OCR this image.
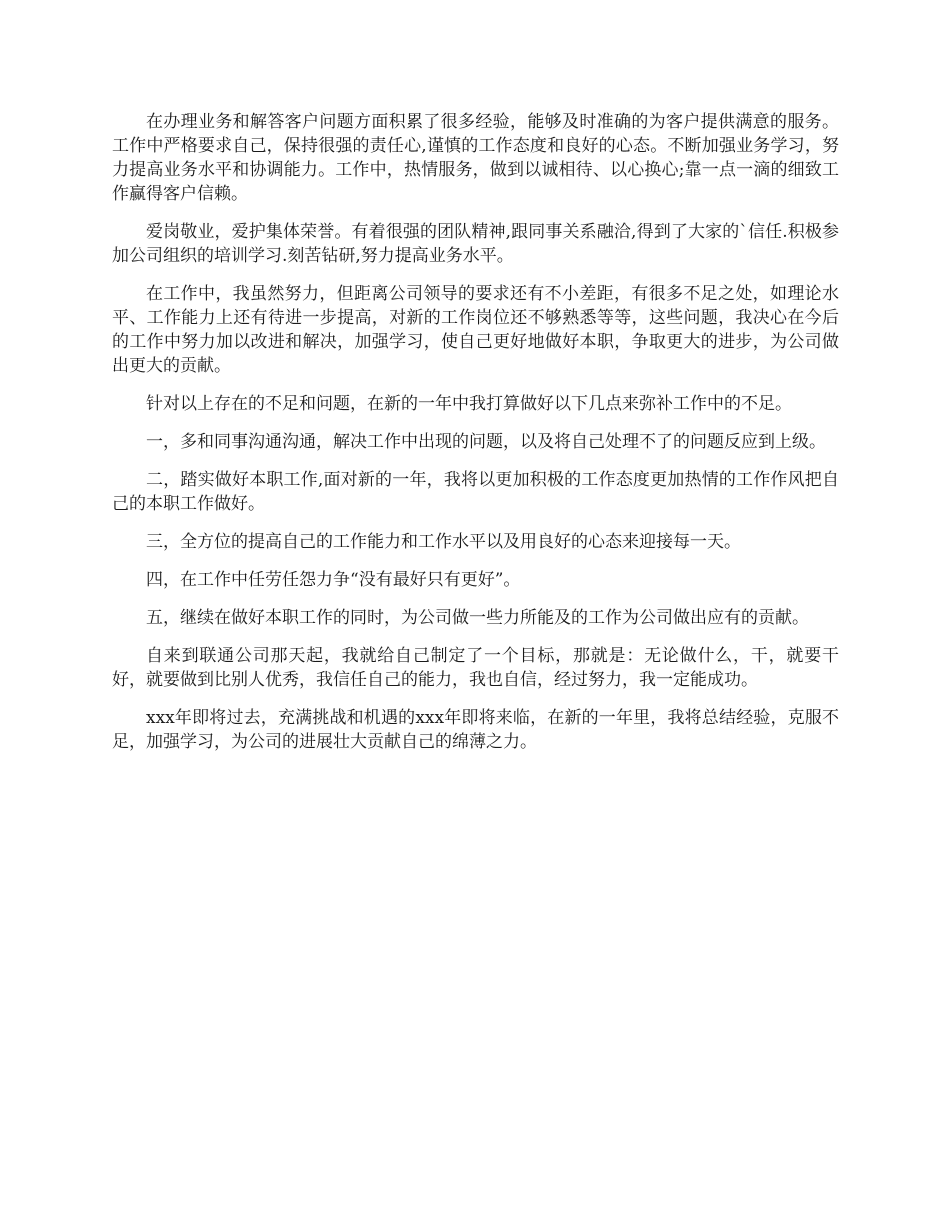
在办理业务和解答客户问题方面积累了很多经验，能够及时准确的为客户提供满意的服务。工作中严格要求自己，保持很强的责任心,谨慎的工作态度和良好的心态。不断加强业务学习，努力提高业务水平和协调能力。工作中，热情服务，做到以诚相待、以心换心;靠一点一滴的细致工作赢得客户信赖。

爱岗敬业，爱护集体荣誉。有着很强的团队精神,跟同事关系融洽,得到了大家的`信任.积极参加公司组织的培训学习.刻苦钻研,努力提高业务水平。

在工作中，我虽然努力，但距离公司领导的要求还有不小差距，有很多不足之处，如理论水平、工作能力上还有待进一步提高，对新的工作岗位还不够熟悉等等，这些问题，我决心在今后的工作中努力加以改进和解决，加强学习，使自己更好地做好本职，争取更大的进步，为公司做出更大的贡献。

针对以上存在的不足和问题，在新的一年中我打算做好以下几点来弥补工作中的不足。

一，多和同事沟通沟通，解决工作中出现的问题，以及将自己处理不了的问题反应到上级。

二，踏实做好本职工作,面对新的一年，我将以更加积极的工作态度更加热情的工作作风把自己的本职工作做好。

三，全方位的提高自己的工作能力和工作水平以及用良好的心态来迎接每一天。

四，在工作中任劳任怨力争“没有最好只有更好”。

五，继续在做好本职工作的同时，为公司做一些力所能及的工作为公司做出应有的贡献。

自来到联通公司那天起，我就给自己制定了一个目标，那就是：无论做什么，干，就要干好，就要做到比别人优秀，我信任自己的能力，我也自信，经过努力，我一定能成功。

xxx年即将过去，充满挑战和机遇的xxx年即将来临，在新的一年里，我将总结经验，克服不足，加强学习，为公司的进展壮大贡献自己的绵薄之力。
